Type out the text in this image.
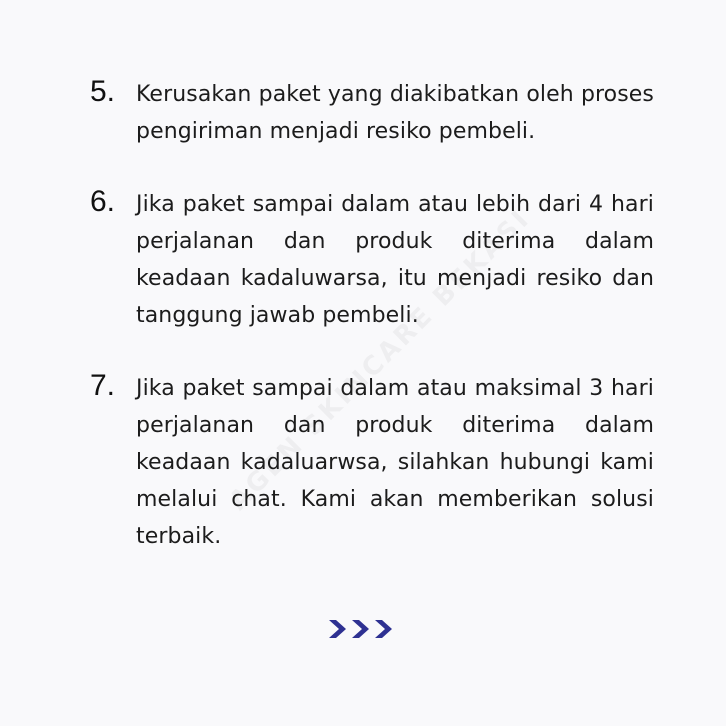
5. Kerusakan paket yang diakibatkan oleh proses pengiriman menjadi resiko pembeli.
6. Jika paket sampai dalam atau lebih dari 4 hari perjalanan dan produk diterima dalam keadaan kadaluwarsa, itu menjadi resiko dan tanggung jawab pembeli.
7. Jika paket sampai dalam atau maksimal 3 hari perjalanan dan produk diterima dalam keadaan kadaluarwsa, silahkan hubungi kami melalui chat. Kami akan memberikan solusi terbaik.
